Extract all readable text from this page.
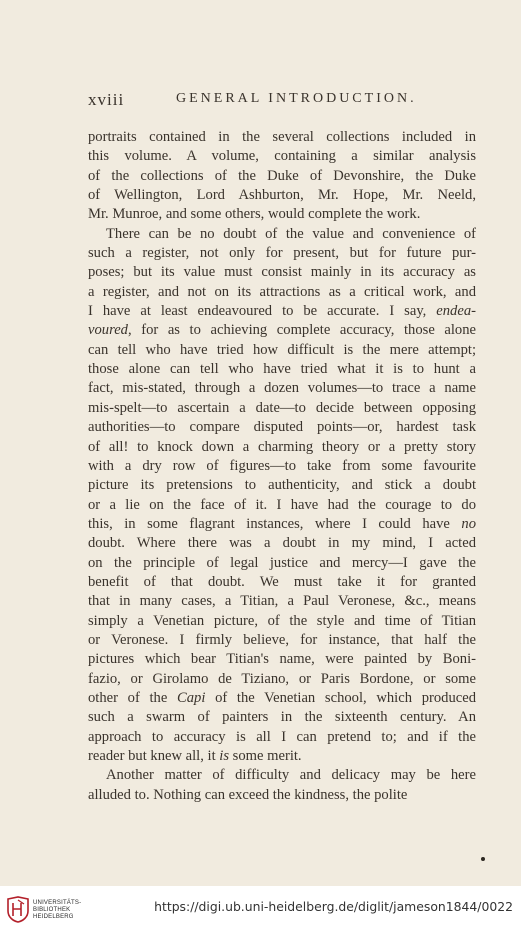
xviii	GENERAL INTRODUCTION.
portraits contained in the several collections included in
this volume. A volume, containing a similar analysis
of the collections of the Duke of Devonshire, the Duke
of Wellington, Lord Ashburton, Mr. Hope, Mr. Neeld,
Mr. Munroe, and some others, would complete the work.
There can be no doubt of the value and convenience of
such a register, not only for present, but for future pur-
poses; but its value must consist mainly in its accuracy as
a register, and not on its attractions as a critical work, and
I have at least endeavoured to be accurate. I say, endea-
voured, for as to achieving complete accuracy, those alone
can tell who have tried how difficult is the mere attempt;
those alone can tell who have tried what it is to hunt a
fact, mis-stated, through a dozen volumes—to trace a name
mis-spelt—to ascertain a date—to decide between opposing
authorities—to compare disputed points—or, hardest task
of all! to knock down a charming theory or a pretty story
with a dry row of figures—to take from some favourite
picture its pretensions to authenticity, and stick a doubt
or a lie on the face of it. I have had the courage to do
this, in some flagrant instances, where I could have no
doubt. Where there was a doubt in my mind, I acted
on the principle of legal justice and mercy—I gave the
benefit of that doubt. We must take it for granted
that in many cases, a Titian, a Paul Veronese, &c., means
simply a Venetian picture, of the style and time of Titian
or Veronese. I firmly believe, for instance, that half the
pictures which bear Titian's name, were painted by Boni-
fazio, or Girolamo de Tiziano, or Paris Bordone, or some
other of the Capi of the Venetian school, which produced
such a swarm of painters in the sixteenth century. An
approach to accuracy is all I can pretend to; and if the
reader but knew all, it is some merit.
Another matter of difficulty and delicacy may be here
alluded to. Nothing can exceed the kindness, the polite
UNIVERSITÄTS-
BIBLIOTHEK
HEIDELBERG
https://digi.ub.uni-heidelberg.de/diglit/jameson1844/0022
